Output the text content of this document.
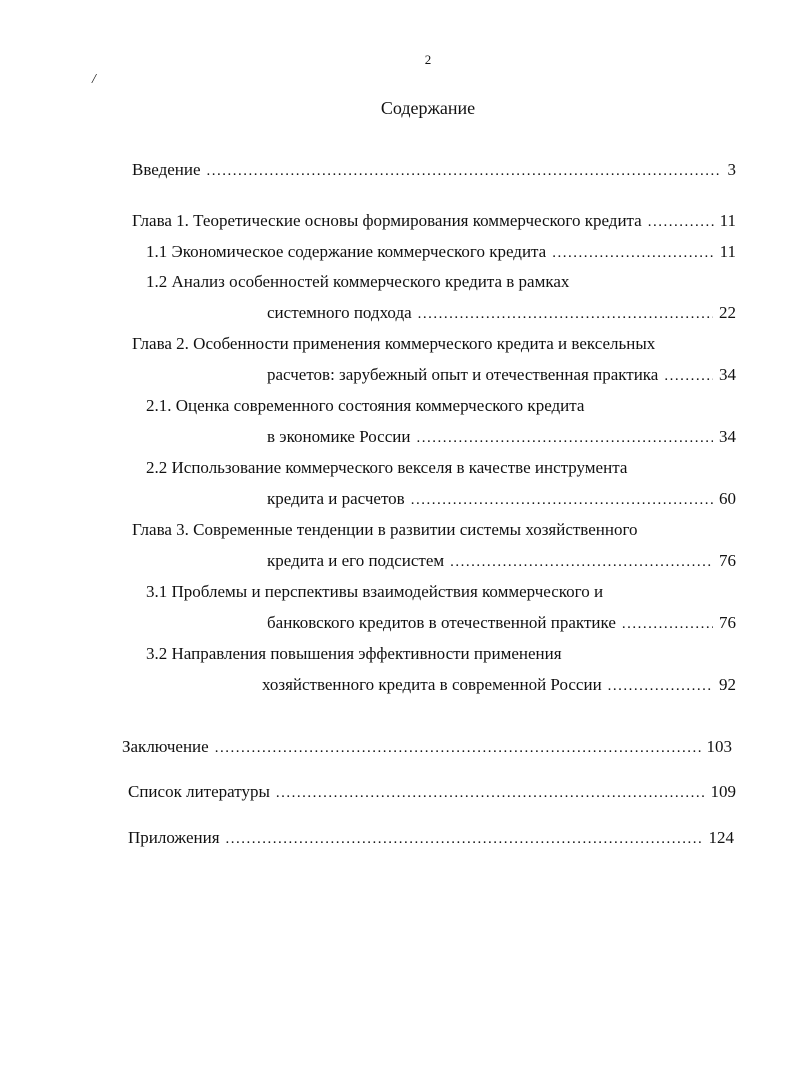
2
/
Содержание
Введение .....	3
Глава 1. Теоретические основы формирования коммерческого кредита .....	11
1.1 Экономическое содержание коммерческого кредита .....	11
1.2 Анализ особенностей коммерческого кредита в рамках
системного подхода .....	22
Глава 2. Особенности применения коммерческого кредита и вексельных
расчетов: зарубежный опыт и отечественная практика .....	34
2.1. Оценка современного состояния коммерческого кредита
в экономике России .....	34
2.2 Использование коммерческого векселя в качестве инструмента
кредита и расчетов .....	60
Глава 3. Современные тенденции в развитии системы хозяйственного
кредита и его подсистем .....	76
3.1 Проблемы и перспективы взаимодействия коммерческого и
банковского кредитов в отечественной практике .....	76
3.2 Направления повышения эффективности применения
хозяйственного кредита в современной России .....	92
Заключение .....	103
Список литературы .....	109
Приложения .....	124
